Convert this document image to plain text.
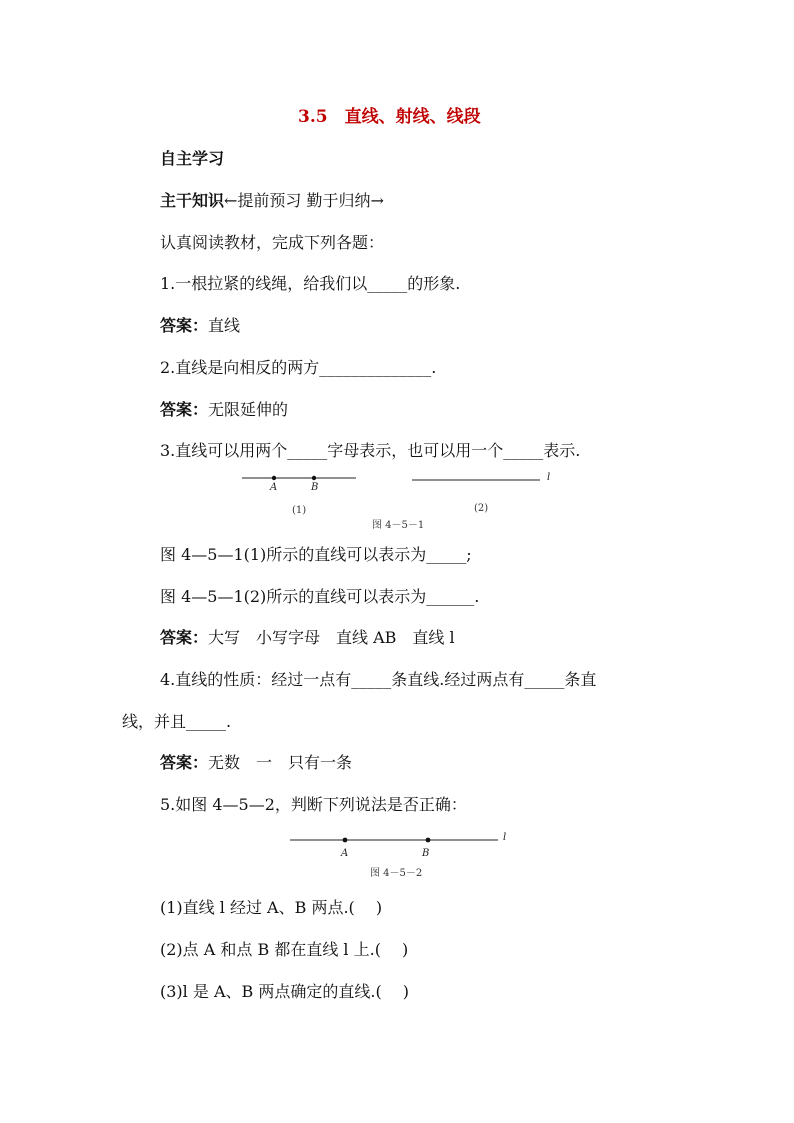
3.5　直线、射线、线段
自主学习
主干知识←提前预习 勤于归纳→
认真阅读教材，完成下列各题：
1.一根拉紧的线绳，给我们以_____的形象.
答案：直线
2.直线是向相反的两方______________.
答案：无限延伸的
3.直线可以用两个_____字母表示，也可以用一个_____表示.
A	B
l
(1)	(2)
图 4－5－1
图 4—5—1(1)所示的直线可以表示为_____;
图 4—5—1(2)所示的直线可以表示为______.
答案：大写　小写字母　直线 AB　直线 l
4.直线的性质：经过一点有_____条直线.经过两点有_____条直
线，并且_____.
答案：无数　一　只有一条
5.如图 4—5—2，判断下列说法是否正确：
A	B
l
图 4－5－2
(1)直线 l 经过 A、B 两点.(　 )
(2)点 A 和点 B 都在直线 l 上.(　 )
(3)l 是 A、B 两点确定的直线.(　 )
